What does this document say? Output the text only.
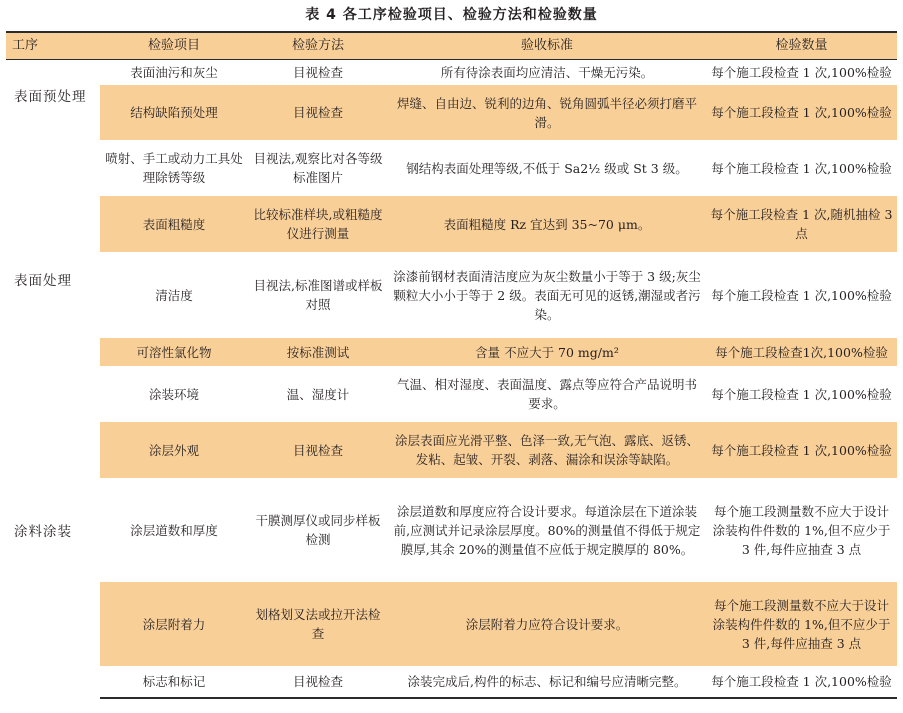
表 4 各工序检验项目、检验方法和检验数量
工序	检验项目	检验方法	验收标准	检验数量
表面预处理	表面油污和灰尘	目视检查	所有待涂表面均应清洁、干燥无污染。	每个施工段检查 1 次,100%检验
	结构缺陷预处理	目视检查	焊缝、自由边、锐利的边角、锐角圆弧半径必须打磨平滑。	每个施工段检查 1 次,100%检验
	喷射、手工或动力工具处理除锈等级	目视法,观察比对各等级标准图片	钢结构表面处理等级,不低于 Sa2½ 级或 St 3 级。	每个施工段检查 1 次,100%检验
表面处理	表面粗糙度	比较标准样块,或粗糙度仪进行测量	表面粗糙度 Rz 宜达到 35~70 μm。	每个施工段检查 1 次,随机抽检 3 点
	清洁度	目视法,标准图谱或样板对照	涂漆前钢材表面清洁度应为灰尘数量小于等于 3 级;灰尘颗粒大小小于等于 2 级。表面无可见的返锈,潮湿或者污染。	每个施工段检查 1 次,100%检验
	可溶性氯化物	按标准测试	含量 不应大于 70 mg/m²	每个施工段检查1次,100%检验
涂料涂装	涂装环境	温、湿度计	气温、相对湿度、表面温度、露点等应符合产品说明书要求。	每个施工段检查 1 次,100%检验
	涂层外观	目视检查	涂层表面应光滑平整、色泽一致,无气泡、露底、返锈、发粘、起皱、开裂、剥落、漏涂和误涂等缺陷。	每个施工段检查 1 次,100%检验
	涂层道数和厚度	干膜测厚仪或同步样板检测	涂层道数和厚度应符合设计要求。每道涂层在下道涂装前,应测试并记录涂层厚度。80%的测量值不得低于规定膜厚,其余 20%的测量值不应低于规定膜厚的 80%。	每个施工段测量数不应大于设计涂装构件件数的 1%,但不应少于 3 件,每件应抽查 3 点
	涂层附着力	划格划叉法或拉开法检查	涂层附着力应符合设计要求。	每个施工段测量数不应大于设计涂装构件件数的 1%,但不应少于 3 件,每件应抽查 3 点
	标志和标记	目视检查	涂装完成后,构件的标志、标记和编号应清晰完整。	每个施工段检查 1 次,100%检验
